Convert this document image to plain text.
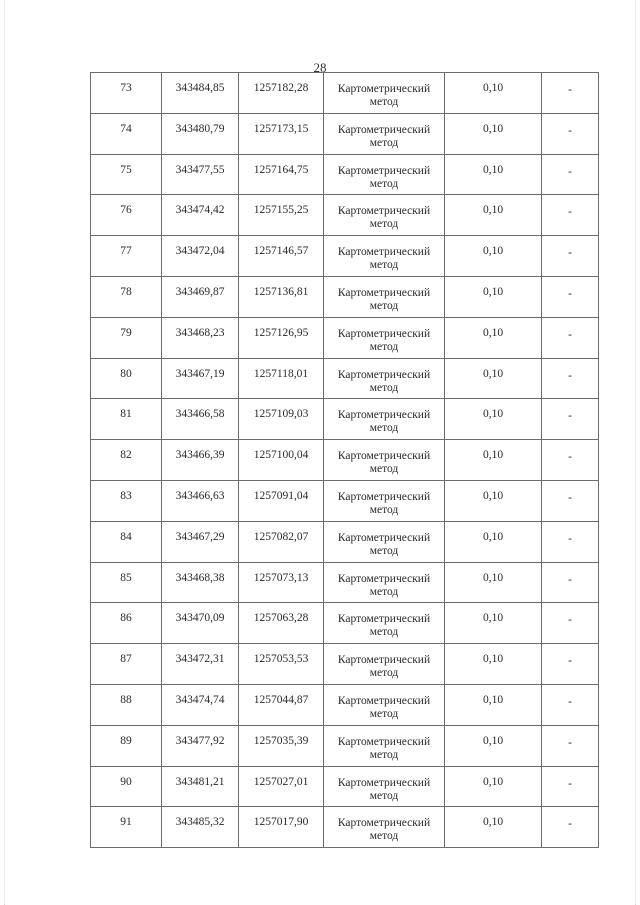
28
73	343484,85	1257182,28	Картометрический метод	0,10	-

74	343480,79	1257173,15	Картометрический метод	0,10	-

75	343477,55	1257164,75	Картометрический метод	0,10	-

76	343474,42	1257155,25	Картометрический метод	0,10	-

77	343472,04	1257146,57	Картометрический метод	0,10	-

78	343469,87	1257136,81	Картометрический метод	0,10	-

79	343468,23	1257126,95	Картометрический метод	0,10	-

80	343467,19	1257118,01	Картометрический метод	0,10	-

81	343466,58	1257109,03	Картометрический метод	0,10	-

82	343466,39	1257100,04	Картометрический метод	0,10	-

83	343466,63	1257091,04	Картометрический метод	0,10	-

84	343467,29	1257082,07	Картометрический метод	0,10	-

85	343468,38	1257073,13	Картометрический метод	0,10	-

86	343470,09	1257063,28	Картометрический метод	0,10	-

87	343472,31	1257053,53	Картометрический метод	0,10	-

88	343474,74	1257044,87	Картометрический метод	0,10	-

89	343477,92	1257035,39	Картометрический метод	0,10	-

90	343481,21	1257027,01	Картометрический метод	0,10	-

91	343485,32	1257017,90	Картометрический метод	0,10	-
